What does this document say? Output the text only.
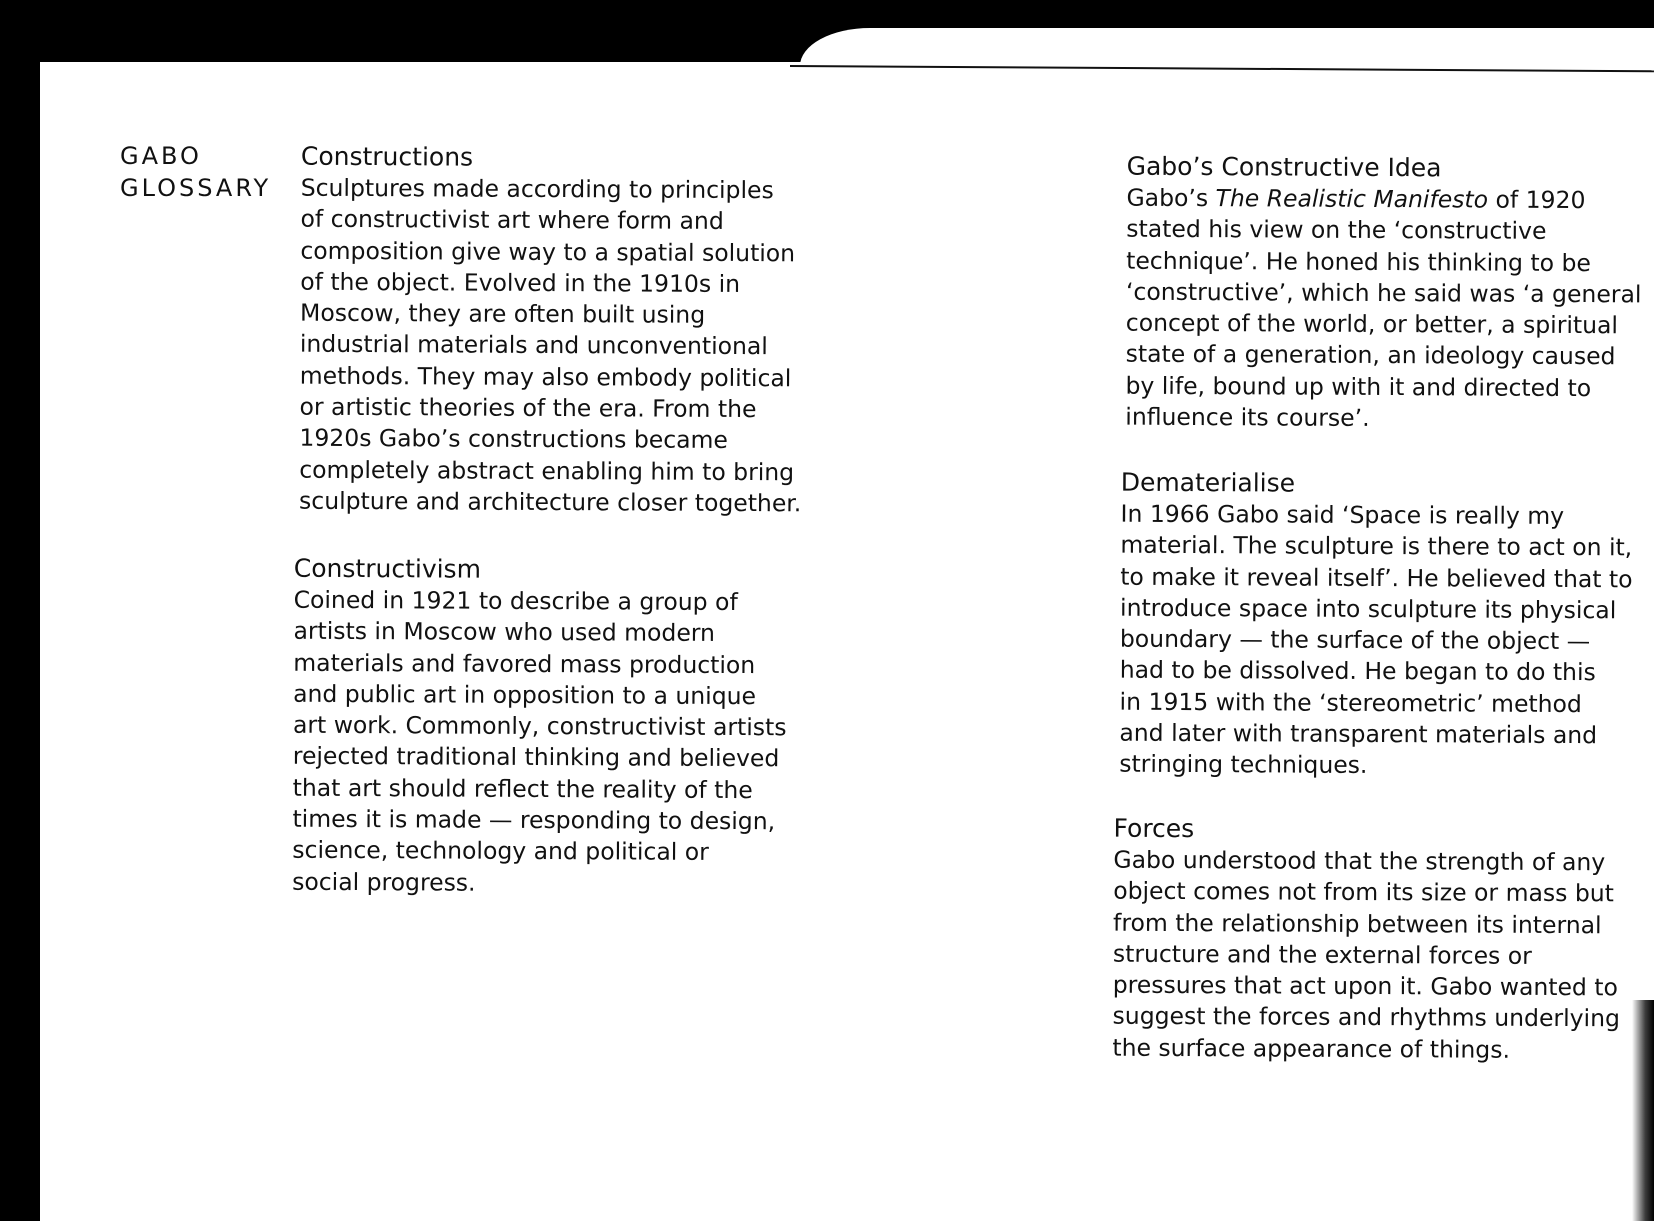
GABO
GLOSSARY
Constructions
Sculptures made according to principles
of constructivist art where form and
composition give way to a spatial solution
of the object. Evolved in the 1910s in
Moscow, they are often built using
industrial materials and unconventional
methods. They may also embody political
or artistic theories of the era. From the
1920s Gabo’s constructions became
completely abstract enabling him to bring
sculpture and architecture closer together.
Constructivism
Coined in 1921 to describe a group of
artists in Moscow who used modern
materials and favored mass production
and public art in opposition to a unique
art work. Commonly, constructivist artists
rejected traditional thinking and believed
that art should reflect the reality of the
times it is made — responding to design,
science, technology and political or
social progress.
Gabo’s Constructive Idea
Gabo’s The Realistic Manifesto of 1920
stated his view on the ‘constructive
technique’. He honed his thinking to be
‘constructive’, which he said was ‘a general
concept of the world, or better, a spiritual
state of a generation, an ideology caused
by life, bound up with it and directed to
influence its course’.
Dematerialise
In 1966 Gabo said ‘Space is really my
material. The sculpture is there to act on it,
to make it reveal itself’. He believed that to
introduce space into sculpture its physical
boundary — the surface of the object —
had to be dissolved. He began to do this
in 1915 with the ‘stereometric’ method
and later with transparent materials and
stringing techniques.
Forces
Gabo understood that the strength of any
object comes not from its size or mass but
from the relationship between its internal
structure and the external forces or
pressures that act upon it. Gabo wanted to
suggest the forces and rhythms underlying
the surface appearance of things.
